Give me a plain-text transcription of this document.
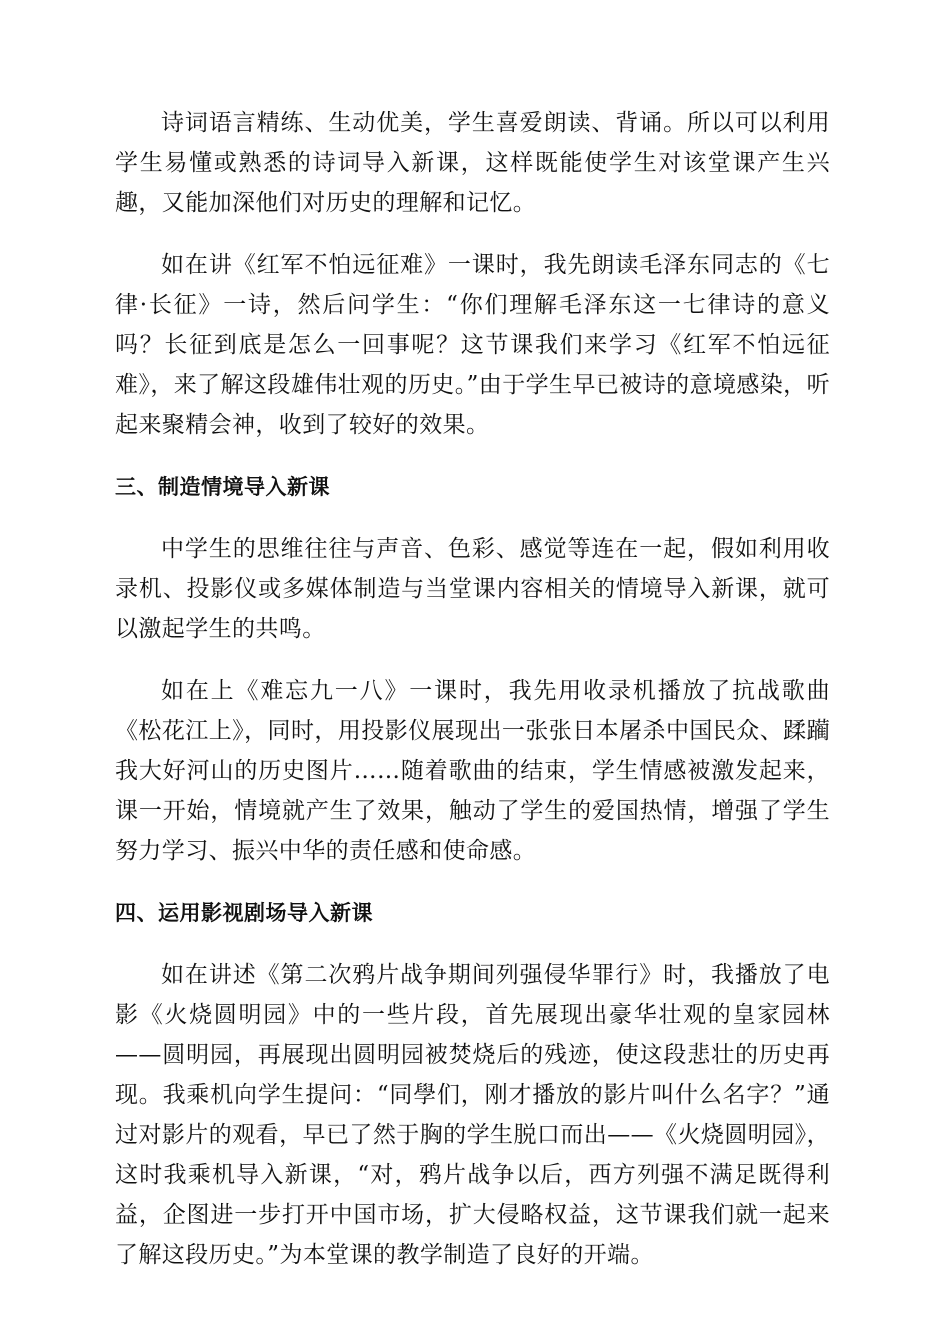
诗词语言精练、生动优美，学生喜爱朗读、背诵。所以可以利用学生易懂或熟悉的诗词导入新课，这样既能使学生对该堂课产生兴趣，又能加深他们对历史的理解和记忆。

如在讲《红军不怕远征难》一课时，我先朗读毛泽东同志的《七律·长征》一诗，然后问学生：“你们理解毛泽东这一七律诗的意义吗？长征到底是怎么一回事呢？这节课我们来学习《红军不怕远征难》，来了解这段雄伟壮观的历史。”由于学生早已被诗的意境感染，听起来聚精会神，收到了较好的效果。

三、制造情境导入新课

中学生的思维往往与声音、色彩、感觉等连在一起，假如利用收录机、投影仪或多媒体制造与当堂课内容相关的情境导入新课，就可以激起学生的共鸣。

如在上《难忘九一八》一课时，我先用收录机播放了抗战歌曲《松花江上》，同时，用投影仪展现出一张张日本屠杀中国民众、蹂躏我大好河山的历史图片……随着歌曲的结束，学生情感被激发起来，课一开始，情境就产生了效果，触动了学生的爱国热情，增强了学生努力学习、振兴中华的责任感和使命感。

四、运用影视剧场导入新课

如在讲述《第二次鸦片战争期间列强侵华罪行》时，我播放了电影《火烧圆明园》中的一些片段，首先展现出豪华壮观的皇家园林——圆明园，再展现出圆明园被焚烧后的残迹，使这段悲壮的历史再现。我乘机向学生提问：“同學们，刚才播放的影片叫什么名字？”通过对影片的观看，早已了然于胸的学生脱口而出——《火烧圆明园》，这时我乘机导入新课，“对，鸦片战争以后，西方列强不满足既得利益，企图进一步打开中国市场，扩大侵略权益，这节课我们就一起来了解这段历史。”为本堂课的教学制造了良好的开端。
